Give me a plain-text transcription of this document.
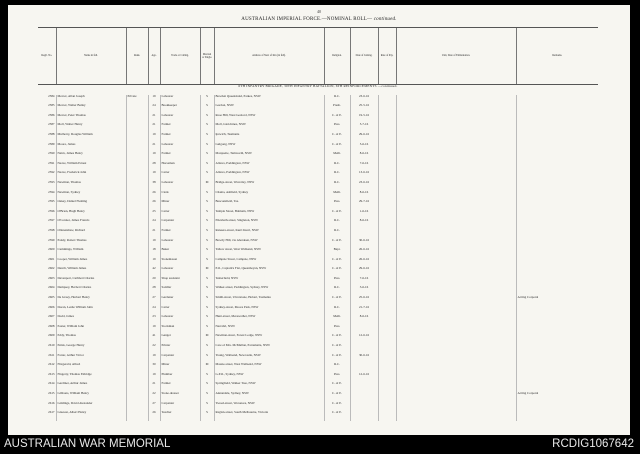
40
AUSTRALIAN IMPERIAL FORCE.—NOMINAL ROLL— continued.
Regtl. No.	Name in full.	Rank.	Age.	Trade or Calling.	Married or Single.	Address of Next of Kin (in full).	Religion.	Date of Joining.	Rate of Pay.	Unit, Date of Embarkation.	Remarks.
6TH INFANTRY BRIGADE, 30TH INFANTRY BATTALION, 6TH REINFORCEMENTS —continued.											
2584	Mercer, Allan Joseph	Private	19	Labourer	S	Bowden Queensland, Parkes, NSW	R.C.	23-6-16			
2585	Mercer, Walter Bailey		24	Bookkeeper	S	Gordon, NSW	Presb.	25-5-16			
2586	Mercer, Peter Thomas		21	Labourer	S	Rose Hill, West Gosford, NSW	C. of E.	19-5-16			
2587	Moll, Walter Henry		21	Farmer	S	Moll, Glen Innes, NSW	Pres.	5-7-16			
2588	Mulberry, Douglas William		19	Farmer	S	Ipswich, Tasmania	C. of E.	29-6-16			
2589	Moore, James		21	Labourer	S	Gulgong, NSW	C. of E.	5-6-16			
2590	Nairn, James Henry		19	Farmer	S	Marquette, Tamworth, NSW	Meth.	8-6-16			
2591	Neave, William Ernest		28	Horseman	S	Allawa, Paddington, NSW	R.C.	7-6-16			
2592	Neave, Frederick John		19	Carter	S	Allawa, Paddington, NSW	R.C.	13-6-16			
2593	Newman, Thomas		38	Labourer	M	Bridge-street, Waverley, NSW	R.C.	23-6-16			
2594	Newman, Sydney		26	Clerk	S	Chanta, Ashfield, Sydney	Meth.	8-6-16			
2595	Oakey, Daniel Fleming		26	Miner	S	Beaconsfield, Tas.	Pres.	29-7-16			
2596	O'Brien, Hugh Henry		25	Carter	S	Temple Street, Balmain, NSW	C. of E.	1-6-16			
2597	O'Connor, James Francis		24	Carpenter	S	Elizabeth-street, Singleton, NSW	R.C.	8-6-16			
2598	Ollerenshaw, Richard		21	Farmer	S	Ranaera-street, Kurri Kurri, NSW	R.C.				
2599	Pandy, Robert Thomas		19	Labourer	S	Bowdy Hill, via Aberdeen, NSW	C. of E.	30-6-16			
2600	Cummings, William		18	Baker	S	Tallow street, West Wallsend, NSW	Bapt.	26-6-16			
2601	Cooper, William James		19	Stonemason	S	Campsie Street, Campsie, NSW	C. of E.	26-6-16			
2602	Dench, William James		42	Labourer	M	P.O., Captain's Flat, Queanbeyan, NSW	C. of E.	29-6-16			
2603	Davenport, Cuthbert Charles		20	Shop assistant	S	Tenterfield, NSW	Pres.	7-6-16			
2604	Dempsey, Herbert Charles		28	Saddler	S	Walker-street, Paddington, Sydney, NSW	R.C.	3-6-16			
2605	De Jersey, Herbert Henry		27	Gardener	S	Smith-street, Ulverstone, Hobart, Tasmania	C. of E.	25-6-16			Acting Corporal
2606	Doran, Leslie William John		24	Carter	S	Sydney-street, Moore Park, NSW	R.C.	21-7-16			
2607	Dodd, James		23	Labourer	S	Hunt-street, Merewether, NSW	Meth.	8-6-16			
2608	Easter, William John		19	Stockman	S	Narrabri, NSW	Pres.				
2609	Eddy, Thomas		41	Ganger	M	Newman-street, Forest Lodge, NSW	C. of E.	12-6-16			
2610	Ennis, George Henry		22	Printer	S	Care of Mrs. McMullan, Parramatta, NSW	C. of E.				
2611	Farrar, Arthur Victor		19	Carpenter	S	Young, Wallsend, Newcastle, NSW	C. of E.	30-6-16			
2612	Fitzgerald, Alfred		30	Miner	M	Massie-street, West Wallsend, NSW	R.C.				
2613	Fingerty, Thomas Eldridge		19	Plumber	S	G.P.O., Sydney, NSW	Pres.	12-6-16			
2614	Gardiner, Arthur James		21	Farmer	S	Springfield, Walker Tree, NSW	C. of E.				
2615	Gibbons, William Henry		22	Stone-dresser	S	Annandale, Sydney, NSW	C. of E.				Acting Corporal
2616	Giddings, David Alexander		27	Carpenter	S	Tweed-street, Woronora, NSW	C. of E.				
2617	Gleeson, Albert Henry		26	Teacher	S	Raglan-street, South Melbourne, Victoria	C. of E.				
AUSTRALIAN WAR MEMORIAL	RCDIG1067642
